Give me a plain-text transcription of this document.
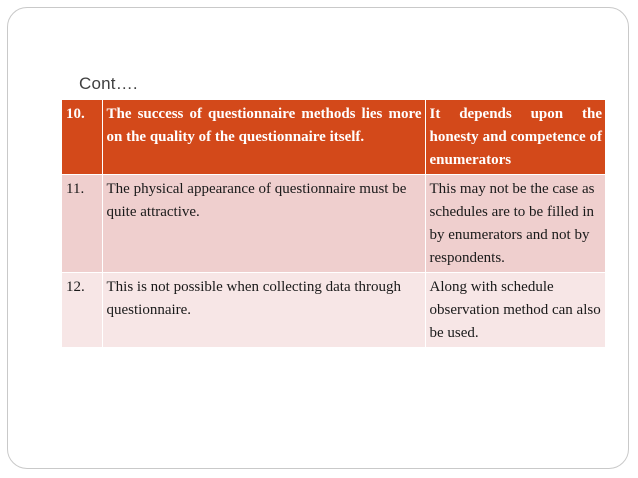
Cont….
10.	The success of questionnaire methods lies more on the quality of the questionnaire itself.	It depends upon the honesty and competence of enumerators
11.	The physical appearance of questionnaire must be quite attractive.	This may not be the case as schedules are to be filled in by enumerators and not by respondents.
12.	This is not possible when collecting data through questionnaire.	Along with schedule observation method can also be used.
